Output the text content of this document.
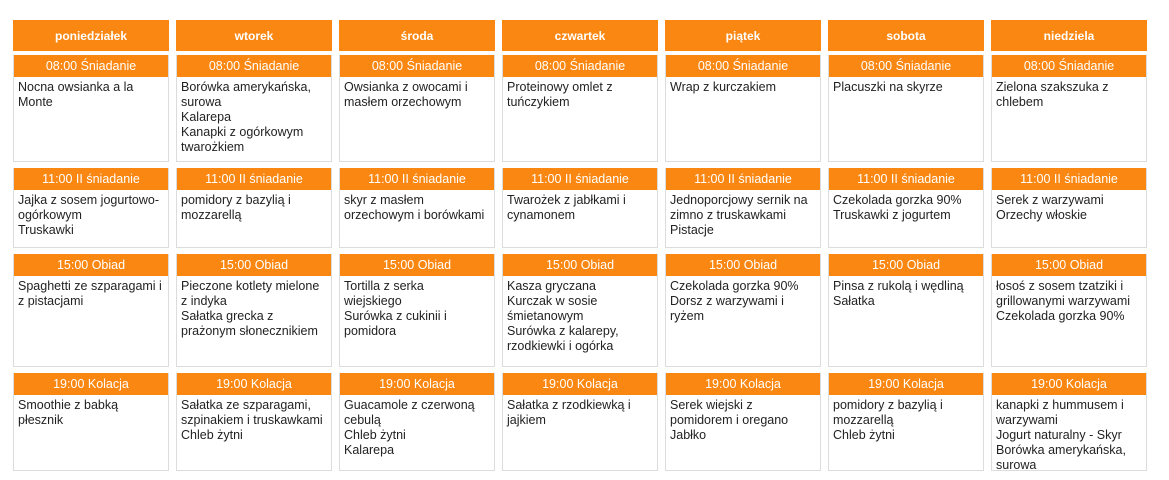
poniedziałek
08:00 Śniadanie
Nocna owsianka a la
Monte
11:00 II śniadanie
Jajka z sosem jogurtowo-
ogórkowym
Truskawki
15:00 Obiad
Spaghetti ze szparagami i
z pistacjami
19:00 Kolacja
Smoothie z babką
płesznik
wtorek
08:00 Śniadanie
Borówka amerykańska,
surowa
Kalarepa
Kanapki z ogórkowym
twarożkiem
11:00 II śniadanie
pomidory z bazylią i
mozzarellą
15:00 Obiad
Pieczone kotlety mielone
z indyka
Sałatka grecka z
prażonym słonecznikiem
19:00 Kolacja
Sałatka ze szparagami,
szpinakiem i truskawkami
Chleb żytni
środa
08:00 Śniadanie
Owsianka z owocami i
masłem orzechowym
11:00 II śniadanie
skyr z masłem
orzechowym i borówkami
15:00 Obiad
Tortilla z serka
wiejskiego
Surówka z cukinii i
pomidora
19:00 Kolacja
Guacamole z czerwoną
cebulą
Chleb żytni
Kalarepa
czwartek
08:00 Śniadanie
Proteinowy omlet z
tuńczykiem
11:00 II śniadanie
Twarożek z jabłkami i
cynamonem
15:00 Obiad
Kasza gryczana
Kurczak w sosie
śmietanowym
Surówka z kalarepy,
rzodkiewki i ogórka
19:00 Kolacja
Sałatka z rzodkiewką i
jajkiem
piątek
08:00 Śniadanie
Wrap z kurczakiem
11:00 II śniadanie
Jednoporcjowy sernik na
zimno z truskawkami
Pistacje
15:00 Obiad
Czekolada gorzka 90%
Dorsz z warzywami i
ryżem
19:00 Kolacja
Serek wiejski z
pomidorem i oregano
Jabłko
sobota
08:00 Śniadanie
Placuszki na skyrze
11:00 II śniadanie
Czekolada gorzka 90%
Truskawki z jogurtem
15:00 Obiad
Pinsa z rukolą i wędliną
Sałatka
19:00 Kolacja
pomidory z bazylią i
mozzarellą
Chleb żytni
niedziela
08:00 Śniadanie
Zielona szakszuka z
chlebem
11:00 II śniadanie
Serek z warzywami
Orzechy włoskie
15:00 Obiad
łosoś z sosem tzatziki i
grillowanymi warzywami
Czekolada gorzka 90%
19:00 Kolacja
kanapki z hummusem i
warzywami
Jogurt naturalny - Skyr
Borówka amerykańska,
surowa
